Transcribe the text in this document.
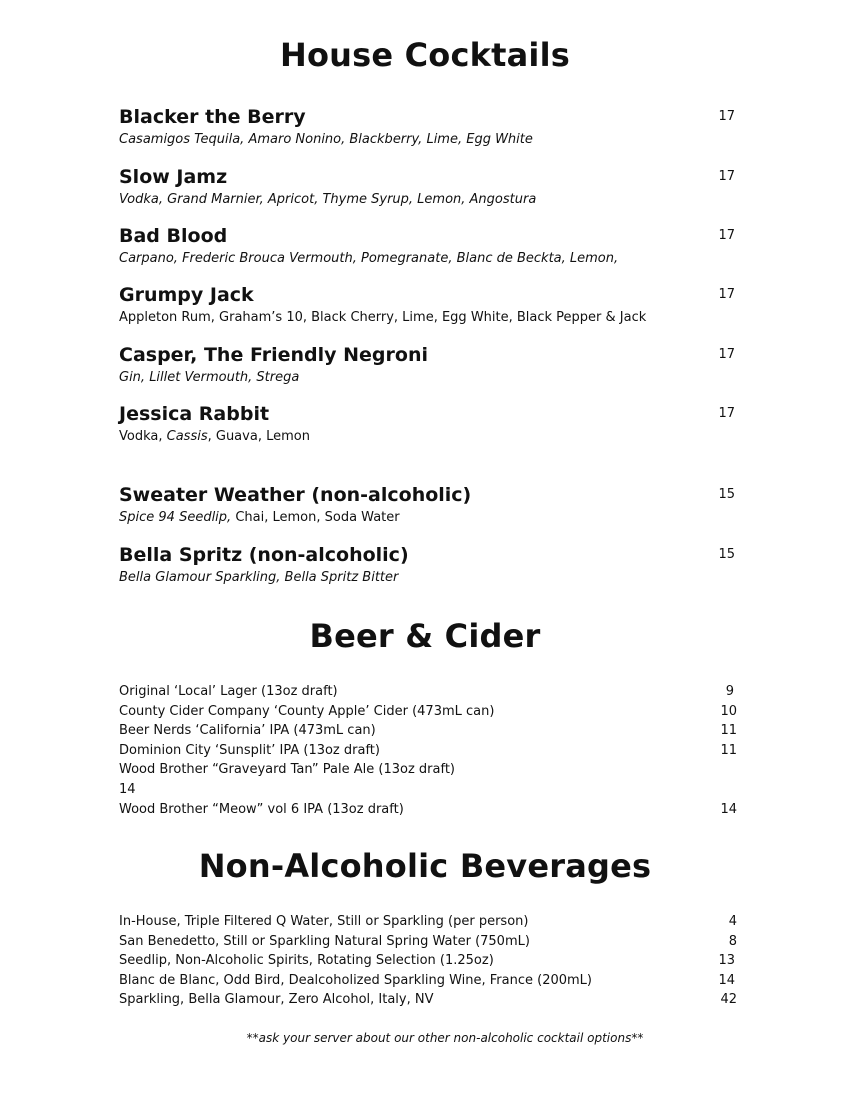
House Cocktails
Blacker the Berry	17
Casamigos Tequila, Amaro Nonino, Blackberry, Lime, Egg White
Slow Jamz	17
Vodka, Grand Marnier, Apricot, Thyme Syrup, Lemon, Angostura
Bad Blood	17
Carpano, Frederic Brouca Vermouth, Pomegranate, Blanc de Beckta, Lemon,
Grumpy Jack	17
Appleton Rum, Graham’s 10, Black Cherry, Lime, Egg White, Black Pepper & Jack
Casper, The Friendly Negroni	17
Gin, Lillet Vermouth, Strega
Jessica Rabbit	17
Vodka, Cassis, Guava, Lemon
Sweater Weather (non-alcoholic)	15
Spice 94 Seedlip, Chai, Lemon, Soda Water
Bella Spritz (non-alcoholic)	15
Bella Glamour Sparkling, Bella Spritz Bitter
Beer & Cider
Original ‘Local’ Lager (13oz draft)	9
County Cider Company ‘County Apple’ Cider (473mL can)	10
Beer Nerds ‘California’ IPA (473mL can)	11
Dominion City ‘Sunsplit’ IPA (13oz draft)	11
Wood Brother “Graveyard Tan” Pale Ale (13oz draft)
14
Wood Brother “Meow” vol 6 IPA (13oz draft)	14
Non-Alcoholic Beverages
In-House, Triple Filtered Q Water, Still or Sparkling (per person)	4
San Benedetto, Still or Sparkling Natural Spring Water (750mL)	8
Seedlip, Non-Alcoholic Spirits, Rotating Selection (1.25oz)	13
Blanc de Blanc, Odd Bird, Dealcoholized Sparkling Wine, France (200mL)	14
Sparkling, Bella Glamour, Zero Alcohol, Italy, NV	42
**ask your server about our other non-alcoholic cocktail options**
